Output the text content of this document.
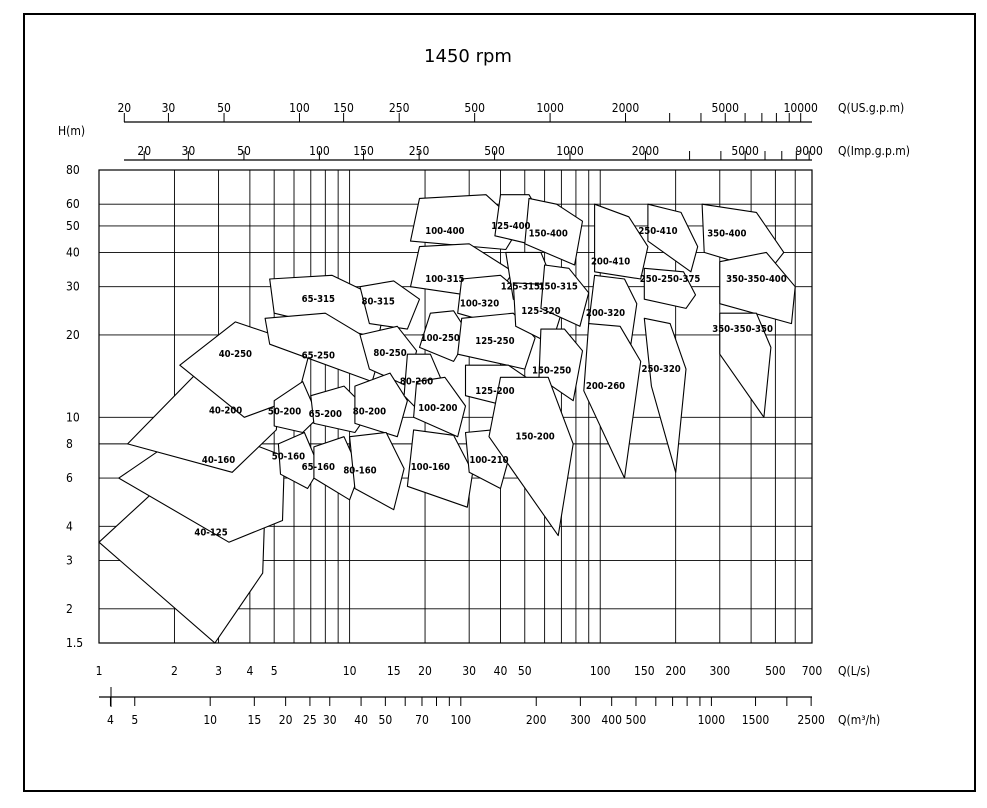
1450 rpm
H(m)
40-125
40-160
40-200
40-250
50-200
50-160
65-315
65-250
65-200
65-160
80-315
80-250
80-200
80-160
80-260
100-400
100-315
100-320
100-250
100-200
100-160
100-210
125-400
125-315
125-250
125-320
125-200
150-400
150-315
150-250
150-200
200-410
200-320
200-260
250-410
250-250-375
250-320
350-400
350-350-400
350-350-350
80
60
50
40
30
20
10
8
6
4
3
2
1.5
20	30	50	100 150	250	500	1000	2000	5000	10000 Q(US.g.p.m)
20	30	50	100 150	250	500	1000	2000	5000	9000 Q(Imp.g.p.m)
1	2	3 4 5	10	15 20	30 40 50	100 150 200 300	500 700 Q(L/s)
4 5	10	15 20 25 30 40 50 70 100	200 300 400 500	1000 1500 2500 Q(m³/h)
